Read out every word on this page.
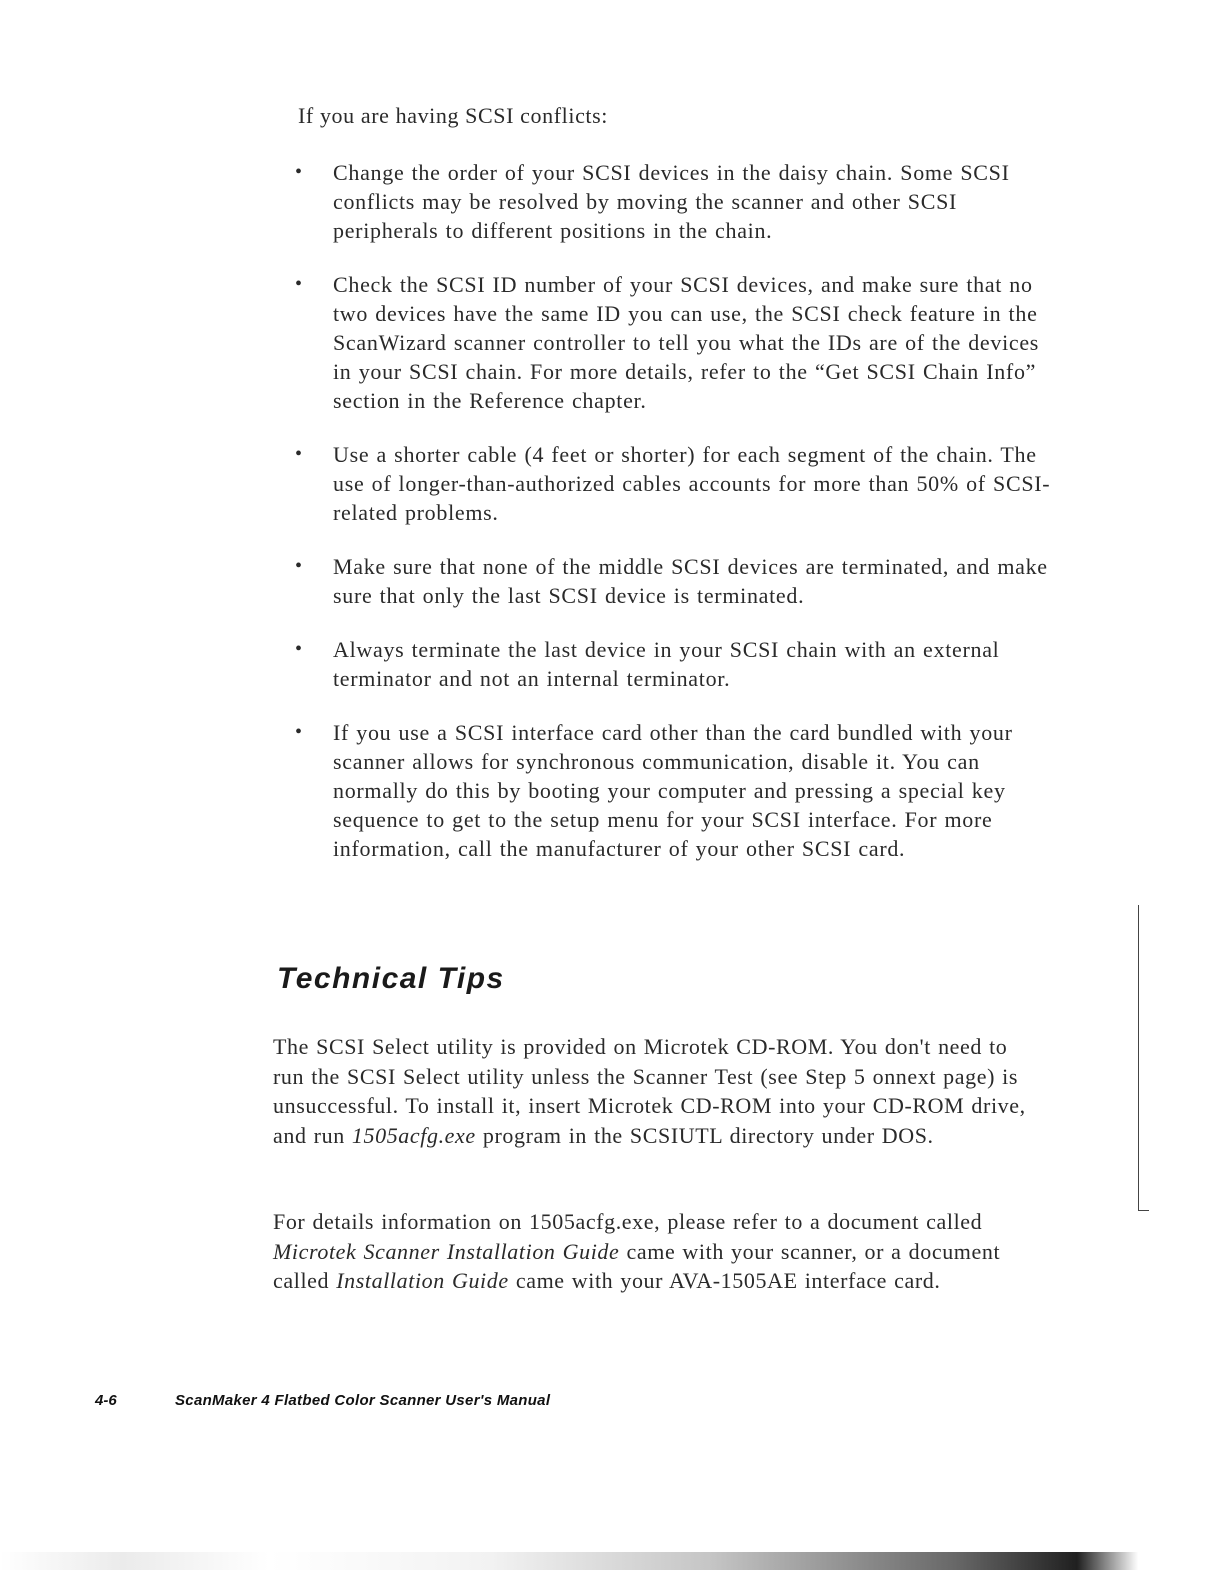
If you are having SCSI conflicts:

• Change the order of your SCSI devices in the daisy chain. Some SCSI conflicts may be resolved by moving the scanner and other SCSI peripherals to different positions in the chain.
• Check the SCSI ID number of your SCSI devices, and make sure that no two devices have the same ID you can use, the SCSI check feature in the ScanWizard scanner controller to tell you what the IDs are of the devices in your SCSI chain. For more details, refer to the “Get SCSI Chain Info” section in the Reference chapter.
• Use a shorter cable (4 feet or shorter) for each segment of the chain. The use of longer-than-authorized cables accounts for more than 50% of SCSI-related problems.
• Make sure that none of the middle SCSI devices are terminated, and make sure that only the last SCSI device is terminated.
• Always terminate the last device in your SCSI chain with an external terminator and not an internal terminator.
• If you use a SCSI interface card other than the card bundled with your scanner allows for synchronous communication, disable it. You can normally do this by booting your computer and pressing a special key sequence to get to the setup menu for your SCSI interface. For more information, call the manufacturer of your other SCSI card.
Technical Tips

The SCSI Select utility is provided on Microtek CD-ROM. You don't need to run the SCSI Select utility unless the Scanner Test (see Step 5 onnext page) is unsuccessful. To install it, insert Microtek CD-ROM into your CD-ROM drive, and run 1505acfg.exe program in the SCSIUTL directory under DOS.

For details information on 1505acfg.exe, please refer to a document called Microtek Scanner Installation Guide came with your scanner, or a document called Installation Guide came with your AVA-1505AE interface card.

4-6	ScanMaker 4 Flatbed Color Scanner User's Manual
